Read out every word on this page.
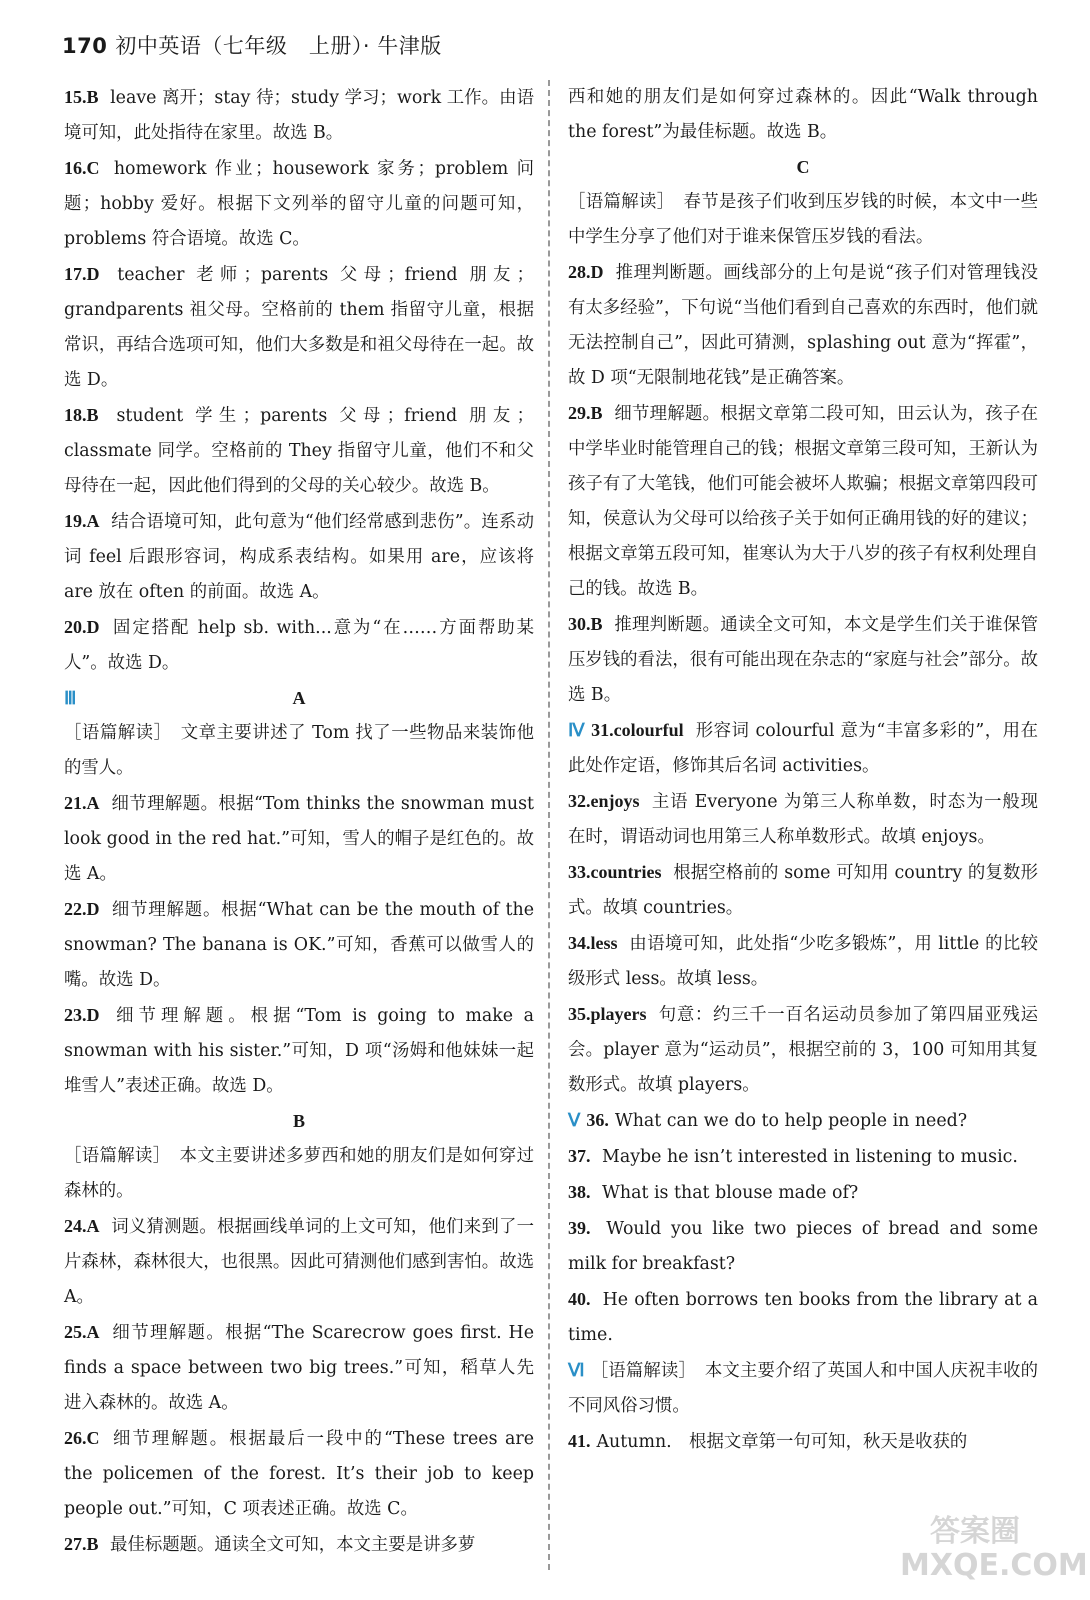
170 初中英语（七年级　上册）· 牛津版
15.B leave 离开；stay 待；study 学习；work 工作。由语境可知，此处指待在家里。故选 B。
16.C homework 作业；housework 家务；problem 问题；hobby 爱好。根据下文列举的留守儿童的问题可知，problems 符合语境。故选 C。
17.D teacher 老师；parents 父母；friend 朋友；grandparents 祖父母。空格前的 them 指留守儿童，根据常识，再结合选项可知，他们大多数是和祖父母待在一起。故选 D。
18.B student 学生；parents 父母；friend 朋友；classmate 同学。空格前的 They 指留守儿童，他们不和父母待在一起，因此他们得到的父母的关心较少。故选 B。
19.A 结合语境可知，此句意为“他们经常感到悲伤”。连系动词 feel 后跟形容词，构成系表结构。如果用 are，应该将 are 放在 often 的前面。故选 A。
20.D 固定搭配 help sb. with...意为“在……方面帮助某人”。故选 D。
Ⅲ	A
［语篇解读］　文章主要讲述了 Tom 找了一些物品来装饰他的雪人。
21.A 细节理解题。根据“Tom thinks the snowman must look good in the red hat.”可知，雪人的帽子是红色的。故选 A。
22.D 细节理解题。根据“What can be the mouth of the snowman? The banana is OK.”可知，香蕉可以做雪人的嘴。故选 D。
23.D 细节理解题。根据“Tom is going to make a snowman with his sister.”可知，D 项“汤姆和他妹妹一起堆雪人”表述正确。故选 D。
B
［语篇解读］　本文主要讲述多萝西和她的朋友们是如何穿过森林的。
24.A 词义猜测题。根据画线单词的上文可知，他们来到了一片森林，森林很大，也很黑。因此可猜测他们感到害怕。故选 A。
25.A 细节理解题。根据“The Scarecrow goes first. He finds a space between two big trees.”可知，稻草人先进入森林的。故选 A。
26.C 细节理解题。根据最后一段中的“These trees are the policemen of the forest. It’s their job to keep people out.”可知，C 项表述正确。故选 C。
27.B 最佳标题题。通读全文可知，本文主要是讲多萝
西和她的朋友们是如何穿过森林的。因此“Walk through the forest”为最佳标题。故选 B。
C
［语篇解读］　春节是孩子们收到压岁钱的时候，本文中一些中学生分享了他们对于谁来保管压岁钱的看法。
28.D 推理判断题。画线部分的上句是说“孩子们对管理钱没有太多经验”，下句说“当他们看到自己喜欢的东西时，他们就无法控制自己”，因此可猜测，splashing out 意为“挥霍”，故 D 项“无限制地花钱”是正确答案。
29.B 细节理解题。根据文章第二段可知，田云认为，孩子在中学毕业时能管理自己的钱；根据文章第三段可知，王新认为孩子有了大笔钱，他们可能会被坏人欺骗；根据文章第四段可知，侯意认为父母可以给孩子关于如何正确用钱的好的建议；根据文章第五段可知，崔寒认为大于八岁的孩子有权利处理自己的钱。故选 B。
30.B 推理判断题。通读全文可知，本文是学生们关于谁保管压岁钱的看法，很有可能出现在杂志的“家庭与社会”部分。故选 B。
Ⅳ 31.colourful 形容词 colourful 意为“丰富多彩的”，用在此处作定语，修饰其后名词 activities。
32.enjoys 主语 Everyone 为第三人称单数，时态为一般现在时，谓语动词也用第三人称单数形式。故填 enjoys。
33.countries 根据空格前的 some 可知用 country 的复数形式。故填 countries。
34.less 由语境可知，此处指“少吃多锻炼”，用 little 的比较级形式 less。故填 less。
35.players 句意：约三千一百名运动员参加了第四届亚残运会。player 意为“运动员”，根据空前的 3，100 可知用其复数形式。故填 players。
Ⅴ 36. What can we do to help people in need?
37. Maybe he isn’t interested in listening to music.
38. What is that blouse made of?
39. Would you like two pieces of bread and some milk for breakfast?
40. He often borrows ten books from the library at a time.
Ⅵ ［语篇解读］　本文主要介绍了英国人和中国人庆祝丰收的不同风俗习惯。
41. Autumn.　根据文章第一句可知，秋天是收获的
答案圈 MXQE.COM
